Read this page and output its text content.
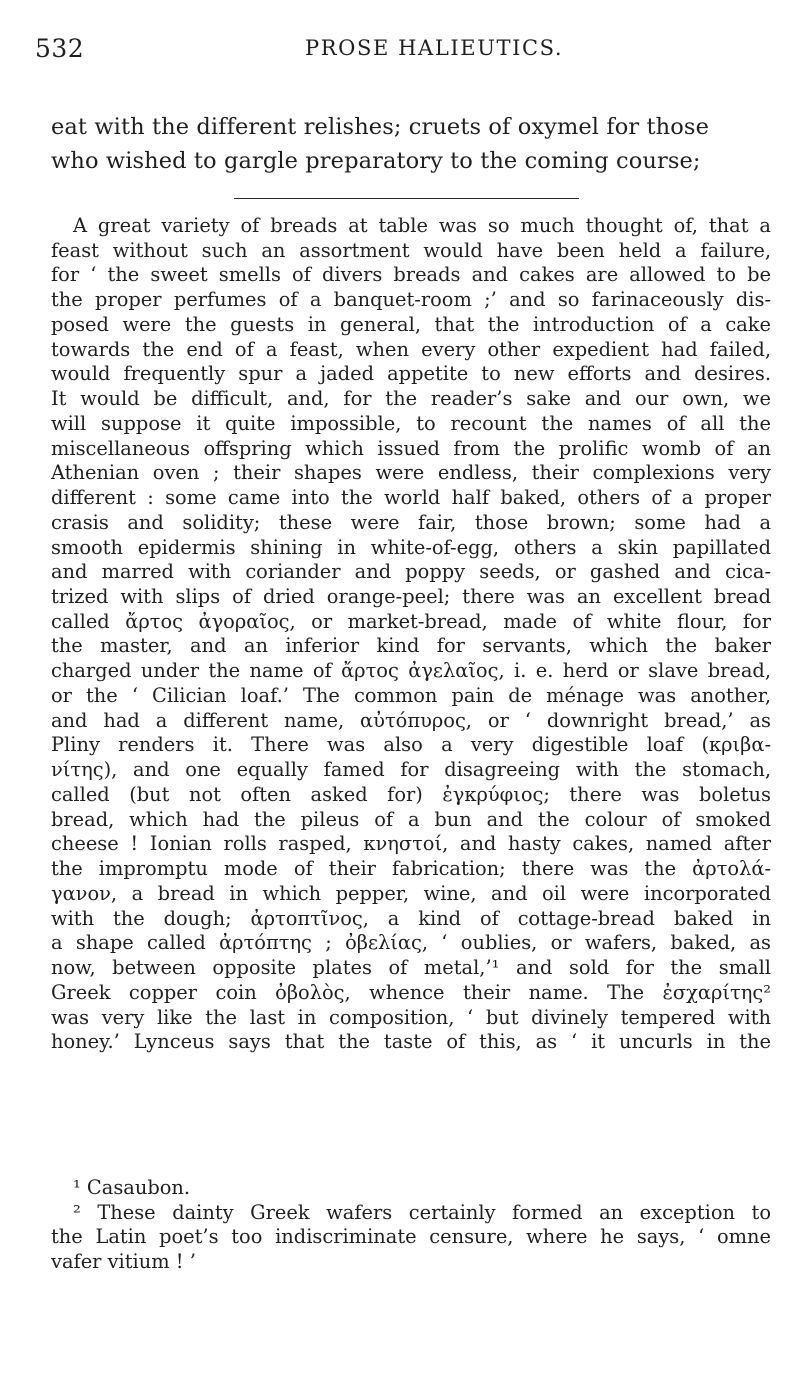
532	PROSE HALIEUTICS.
eat with the different relishes; cruets of oxymel for those
who wished to gargle preparatory to the coming course;
A great variety of breads at table was so much thought of, that a
feast without such an assortment would have been held a failure,
for ‘ the sweet smells of divers breads and cakes are allowed to be
the proper perfumes of a banquet-room ;’ and so farinaceously dis-
posed were the guests in general, that the introduction of a cake
towards the end of a feast, when every other expedient had failed,
would frequently spur a jaded appetite to new efforts and desires.
It would be difficult, and, for the reader’s sake and our own, we
will suppose it quite impossible, to recount the names of all the
miscellaneous offspring which issued from the prolific womb of an
Athenian oven ; their shapes were endless, their complexions very
different : some came into the world half baked, others of a proper
crasis and solidity; these were fair, those brown; some had a
smooth epidermis shining in white-of-egg, others a skin papillated
and marred with coriander and poppy seeds, or gashed and cica-
trized with slips of dried orange-peel; there was an excellent bread
called ἄρτος ἀγοραῖος, or market-bread, made of white flour, for
the master, and an inferior kind for servants, which the baker
charged under the name of ἄρτος ἀγελαῖος, i. e. herd or slave bread,
or the ‘ Cilician loaf.’ The common pain de ménage was another,
and had a different name, αὐτόπυρος, or ‘ downright bread,’ as
Pliny renders it. There was also a very digestible loaf (κριβα-
νίτης), and one equally famed for disagreeing with the stomach,
called (but not often asked for) ἐγκρύφιος; there was boletus
bread, which had the pileus of a bun and the colour of smoked
cheese ! Ionian rolls rasped, κνηστοί, and hasty cakes, named after
the impromptu mode of their fabrication; there was the ἀρτολά-
γανον, a bread in which pepper, wine, and oil were incorporated
with the dough; ἀρτοπτῖνος, a kind of cottage-bread baked in
a shape called ἀρτόπτης ; ὀβελίας, ‘ oublies, or wafers, baked, as
now, between opposite plates of metal,’¹ and sold for the small
Greek copper coin ὀβολὸς, whence their name. The ἐσχαρίτης²
was very like the last in composition, ‘ but divinely tempered with
honey.’ Lynceus says that the taste of this, as ‘ it uncurls in the
¹ Casaubon.
² These dainty Greek wafers certainly formed an exception to
the Latin poet’s too indiscriminate censure, where he says, ‘ omne
vafer vitium ! ’
